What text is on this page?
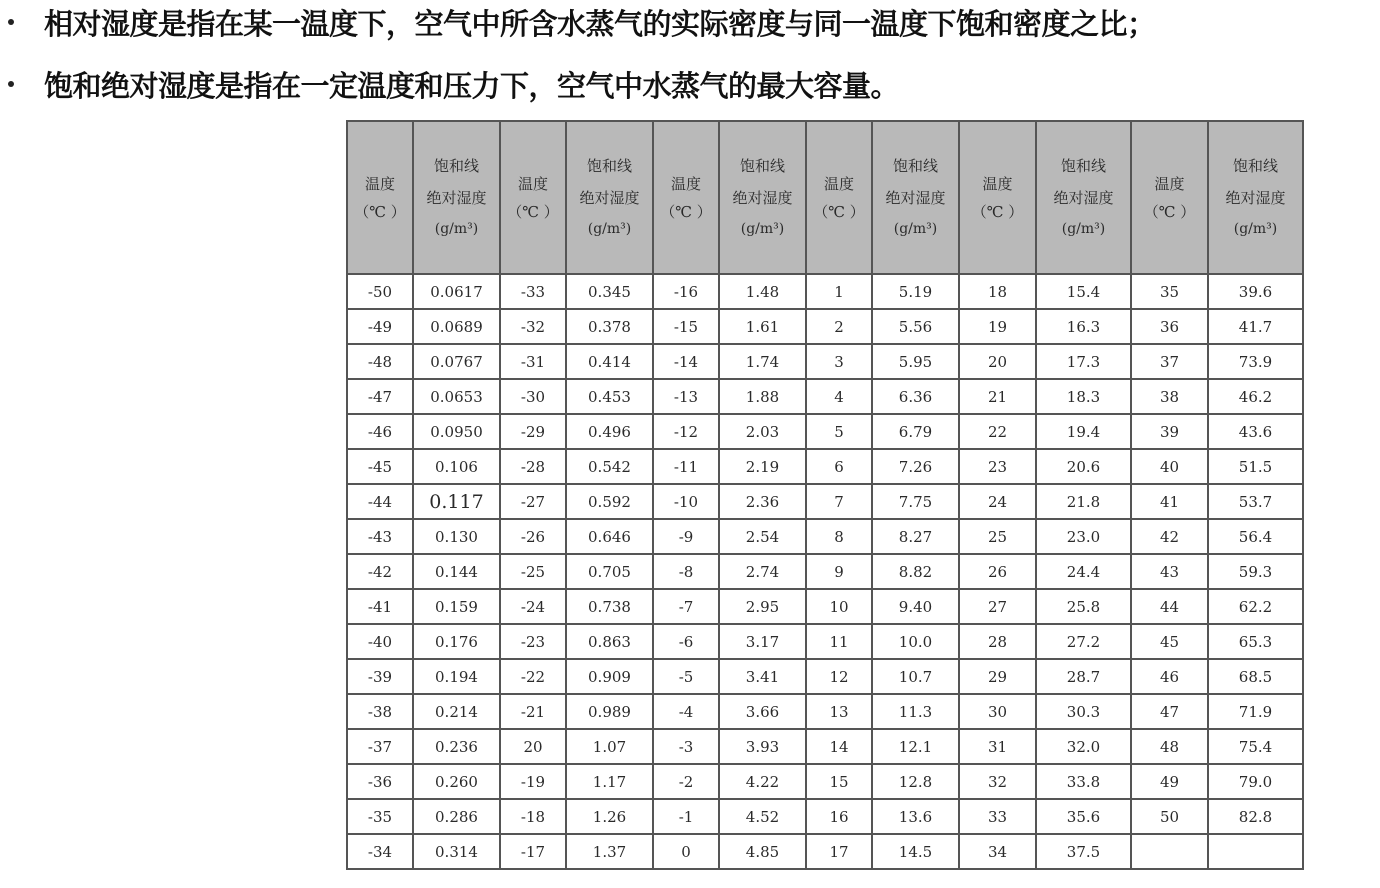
相对湿度是指在某一温度下，空气中所含水蒸气的实际密度与同一温度下饱和密度之比；
饱和绝对湿度是指在一定温度和压力下，空气中水蒸气的最大容量。
温度
（℃ ）	饱和线
绝对湿度
(g/m³)	温度
（℃ ）	饱和线
绝对湿度
(g/m³)	温度
（℃ ）	饱和线
绝对湿度
(g/m³)	温度
（℃ ）	饱和线
绝对湿度
(g/m³)	温度
（℃ ）	饱和线
绝对湿度
(g/m³)	温度
（℃ ）	饱和线
绝对湿度
(g/m³)

-50	0.0617	-33	0.345	-16	1.48	1	5.19	18	15.4	35	39.6
-49	0.0689	-32	0.378	-15	1.61	2	5.56	19	16.3	36	41.7
-48	0.0767	-31	0.414	-14	1.74	3	5.95	20	17.3	37	73.9
-47	0.0653	-30	0.453	-13	1.88	4	6.36	21	18.3	38	46.2
-46	0.0950	-29	0.496	-12	2.03	5	6.79	22	19.4	39	43.6
-45	0.106	-28	0.542	-11	2.19	6	7.26	23	20.6	40	51.5
-44	0.117	-27	0.592	-10	2.36	7	7.75	24	21.8	41	53.7
-43	0.130	-26	0.646	-9	2.54	8	8.27	25	23.0	42	56.4
-42	0.144	-25	0.705	-8	2.74	9	8.82	26	24.4	43	59.3
-41	0.159	-24	0.738	-7	2.95	10	9.40	27	25.8	44	62.2
-40	0.176	-23	0.863	-6	3.17	11	10.0	28	27.2	45	65.3
-39	0.194	-22	0.909	-5	3.41	12	10.7	29	28.7	46	68.5
-38	0.214	-21	0.989	-4	3.66	13	11.3	30	30.3	47	71.9
-37	0.236	20	1.07	-3	3.93	14	12.1	31	32.0	48	75.4
-36	0.260	-19	1.17	-2	4.22	15	12.8	32	33.8	49	79.0
-35	0.286	-18	1.26	-1	4.52	16	13.6	33	35.6	50	82.8
-34	0.314	-17	1.37	0	4.85	17	14.5	34	37.5		
